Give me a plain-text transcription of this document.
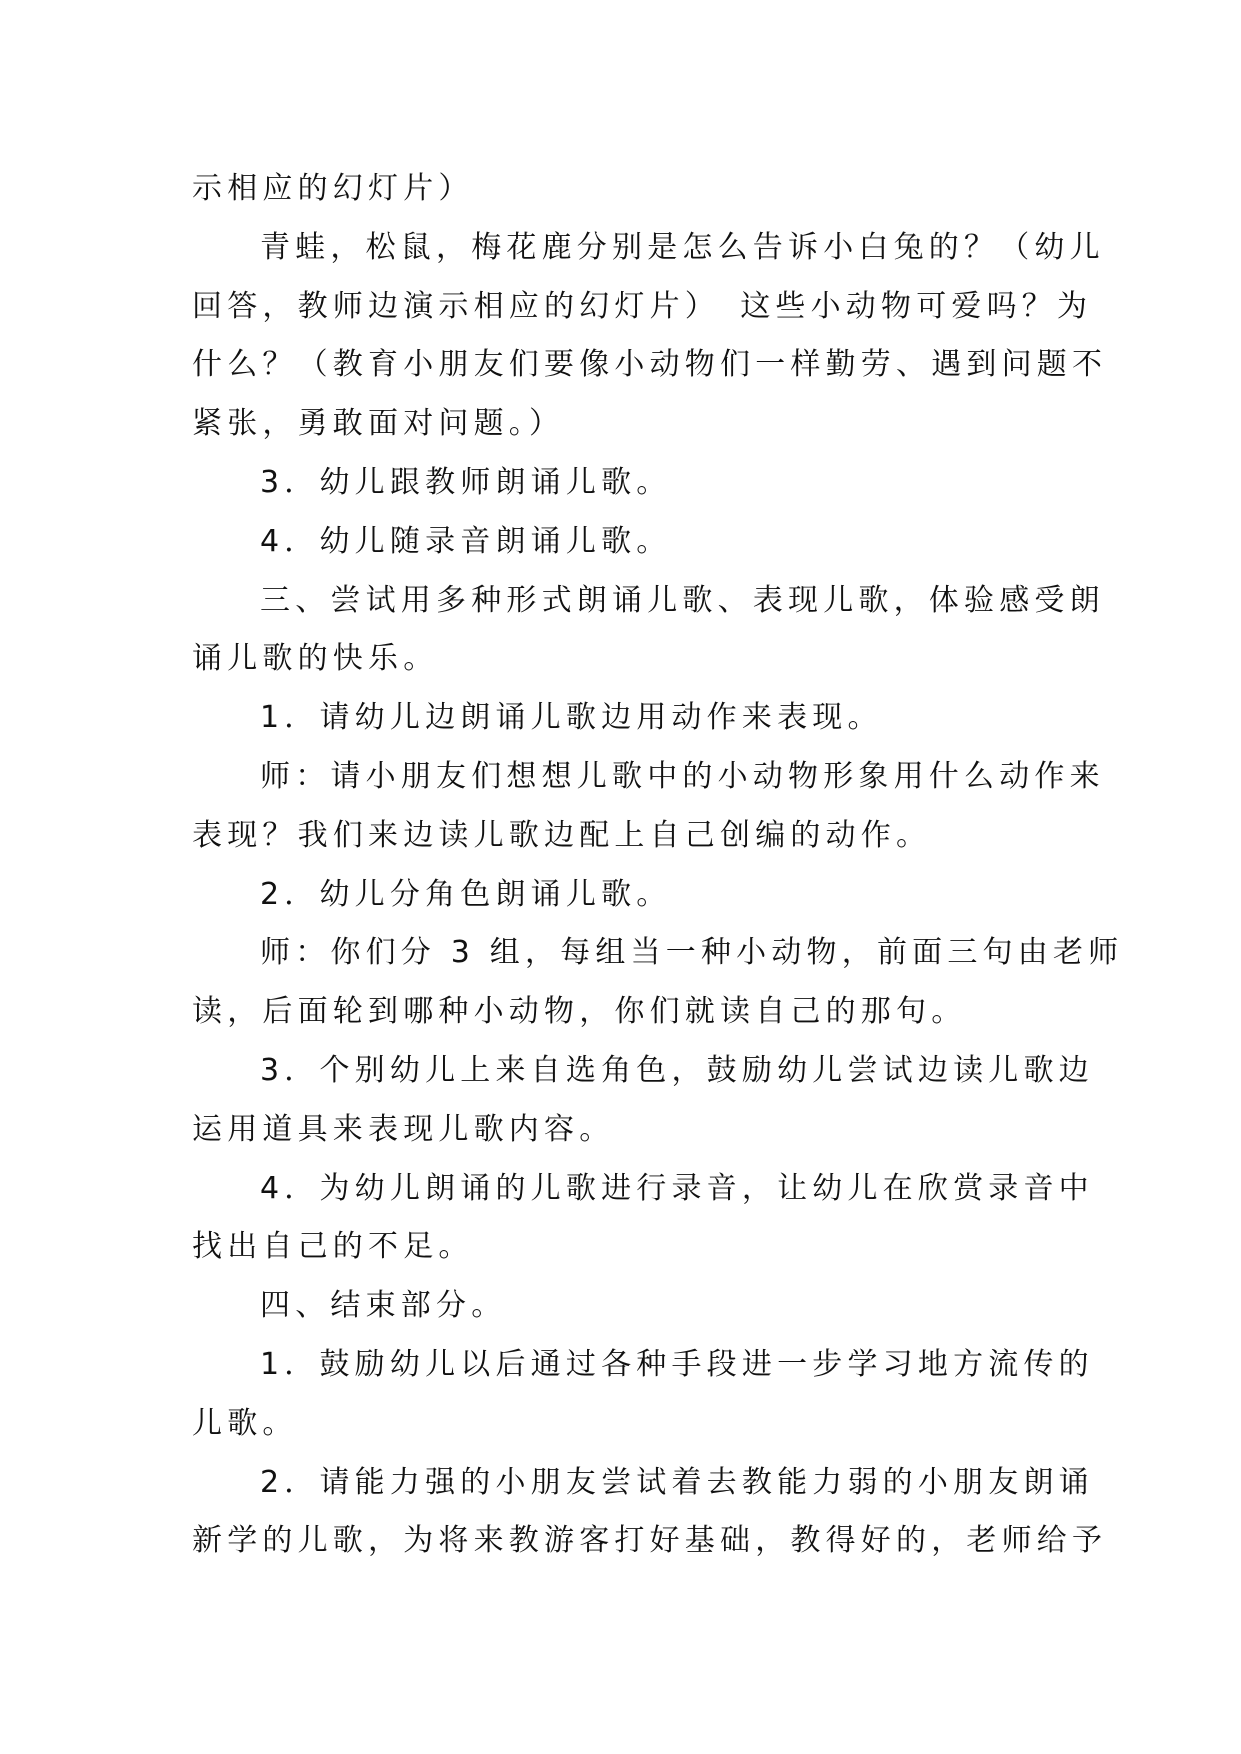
示相应的幻灯片）
青蛙，松鼠，梅花鹿分别是怎么告诉小白兔的？（幼儿
回答，教师边演示相应的幻灯片）　这些小动物可爱吗？为
什么？（教育小朋友们要像小动物们一样勤劳、遇到问题不
紧张，勇敢面对问题。）
3．幼儿跟教师朗诵儿歌。
4．幼儿随录音朗诵儿歌。
三、尝试用多种形式朗诵儿歌、表现儿歌，体验感受朗
诵儿歌的快乐。
1．请幼儿边朗诵儿歌边用动作来表现。
师：请小朋友们想想儿歌中的小动物形象用什么动作来
表现？我们来边读儿歌边配上自己创编的动作。
2．幼儿分角色朗诵儿歌。
师：你们分 3 组，每组当一种小动物，前面三句由老师
读，后面轮到哪种小动物，你们就读自己的那句。
3．个别幼儿上来自选角色，鼓励幼儿尝试边读儿歌边
运用道具来表现儿歌内容。
4．为幼儿朗诵的儿歌进行录音，让幼儿在欣赏录音中
找出自己的不足。
四、结束部分。
1．鼓励幼儿以后通过各种手段进一步学习地方流传的
儿歌。
2．请能力强的小朋友尝试着去教能力弱的小朋友朗诵
新学的儿歌，为将来教游客打好基础，教得好的，老师给予
